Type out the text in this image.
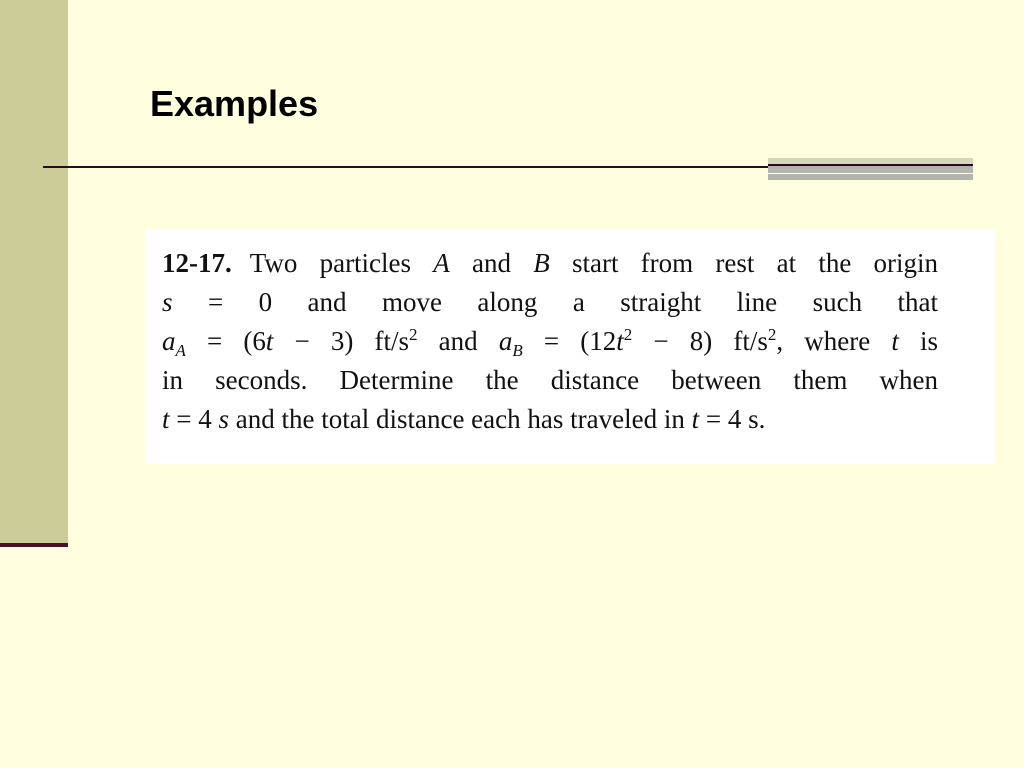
Examples
12-17. Two particles A and B start from rest at the origin
s = 0 and move along a straight line such that
$a_A = (6t - 3)$ $ft/s^2$ and $a_B = (12t^2 - 8)$ $ft/s^2$, where t is
in seconds. Determine the distance between them when
t = 4 s and the total distance each has traveled in t = 4 s.
